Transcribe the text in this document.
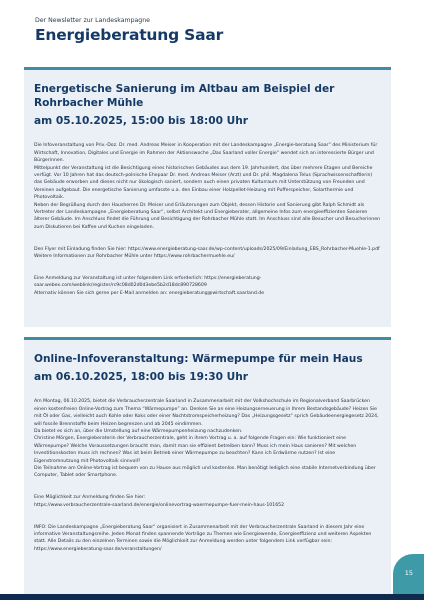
Der Newsletter zur Landeskampagne
Energieberatung Saar
Energetische Sanierung im Altbau am Beispiel der Rohrbacher Mühle
am 05.10.2025, 15:00 bis 18:00 Uhr

Die Infoveranstaltung von Priv.-Doz. Dr. med. Andreas Meiser in Kooperation mit der Landeskampagne „Energie-beratung Saar“ des Ministerium für Wirtschaft, Innovation, Digitales und Energie im Rahmen der Aktionswoche „Das Saarland voller Energie“ wendet sich an interessierte Bürger und Bürgerinnen.
Mittelpunkt der Veranstaltung ist die Besichtigung eines historischen Gebäudes aus dem 19. Jahrhundert, das über mehrere Etagen und Bereiche verfügt. Vor 10 Jahren hat das deutsch-polnische Ehepaar Dr. med. Andreas Meiser (Arzt) und Dr. phil. Magdalena Telus (Sprachwissenschaftlerin) das Gebäude erworben und dieses nicht nur ökologisch saniert, sondern auch einen privaten Kulturraum mit Unterstützung von Freunden und Vereinen aufgebaut. Die energetische Sanierung umfasste u.a. den Einbau einer Holzpellet-Heizung mit Pufferspeicher, Solarthermie und Photovoltaik.
Neben der Begrüßung durch den Hausherren Dr. Meiser und Erläuterungen zum Objekt, dessen Historie und Sanierung gibt Ralph Schmidt als Vertreter der Landeskampagne „Energieberatung Saar“, selbst Architekt und Energieberater, allgemeine Infos zum energieeffizienten Sanieren älterer Gebäude. Im Anschluss findet die Führung und Besichtigung der Rohrbacher Mühle statt. Im Anschluss sind alle Besucher und Besucherinnen zum Diskutieren bei Kaffee und Kuchen eingeladen.

Den Flyer mit Einladung finden Sie hier: https://www.energieberatung-saar.de/wp-content/uploads/2025/09/Einladung_EBS_Rohrbacher-Muehle-1.pdf
Weitere Informationen zur Rohrbacher Mühle unter https://www.rohrbachermuehle.eu/

Eine Anmeldung zur Veranstaltung ist unter folgendem Link erforderlich: https://energieberatung-saar.webex.com/weblink/register/rc9c08d02d0d3ebe5b2d18dc890728609
Alternativ können Sie sich gerne per E-Mail anmelden an: energieberatung@wirtschaft.saarland.de

Online-Infoveranstaltung: Wärmepumpe für mein Haus
am 06.10.2025, 18:00 bis 19:30 Uhr

Am Montag, 06.10.2025, bietet die Verbraucherzentrale Saarland in Zusammenarbeit mit der Volkshochschule im Regionalverband Saarbrücken einen kostenfreien Online-Vortrag zum Thema “Wärmepumpe” an. Denken Sie an eine Heizungserneuerung in Ihrem Bestandsgebäude? Heizen Sie mit Öl oder Gas, vielleicht auch Kohle oder Koks oder einer Nachtstromspeicherheizung? Das „Heizungsgesetz“ sprich Gebäudeenergiegesetz 2024, will fossile Brennstoffe beim Heizen begrenzen und ab 2045 eindimmen.
Da bietet es sich an, über die Umstellung auf eine Wärmepumpenheizung nachzudenken.
Christine Mörgen, Energieberaterin der Verbraucherzentrale, geht in ihrem Vortrag u. a. auf folgende Fragen ein: Wie funktioniert eine Wärmepumpe? Welche Voraussetzungen braucht man, damit man sie effizient betreiben kann? Muss ich mein Haus sanieren? Mit welchen Investitionskosten muss ich rechnen? Was ist beim Betrieb einer Wärmepumpe zu beachten? Kann ich Erdwärme nutzen? Ist eine Eigenstromnutzung mit Photovoltaik sinnvoll?
Die Teilnahme am Online-Vortrag ist bequem von zu Hause aus möglich und kostenlos. Man benötigt lediglich eine stabile Internetverbindung über Computer, Tablet oder Smartphone.

Eine Möglichkeit zur Anmeldung finden Sie hier:
https://www.verbraucherzentrale-saarland.de/energie/onlinevortrag-waermepumpe-fuer-mein-haus-101652

INFO: Die Landeskampagne „Energieberatung Saar“ organisiert in Zusammenarbeit mit der Verbraucherzentrale Saarland in diesem Jahr eine informative Veranstaltungsreihe. Jeden Monat finden spannende Vorträge zu Themen wie Energiewende, Energieeffizienz und weiteren Aspekten statt. Alle Details zu den einzelnen Terminen sowie die Möglichkeit zur Anmeldung werden unter folgendem Link verfügbar sein: https://www.energieberatung-saar.de/veranstaltungen/

15
